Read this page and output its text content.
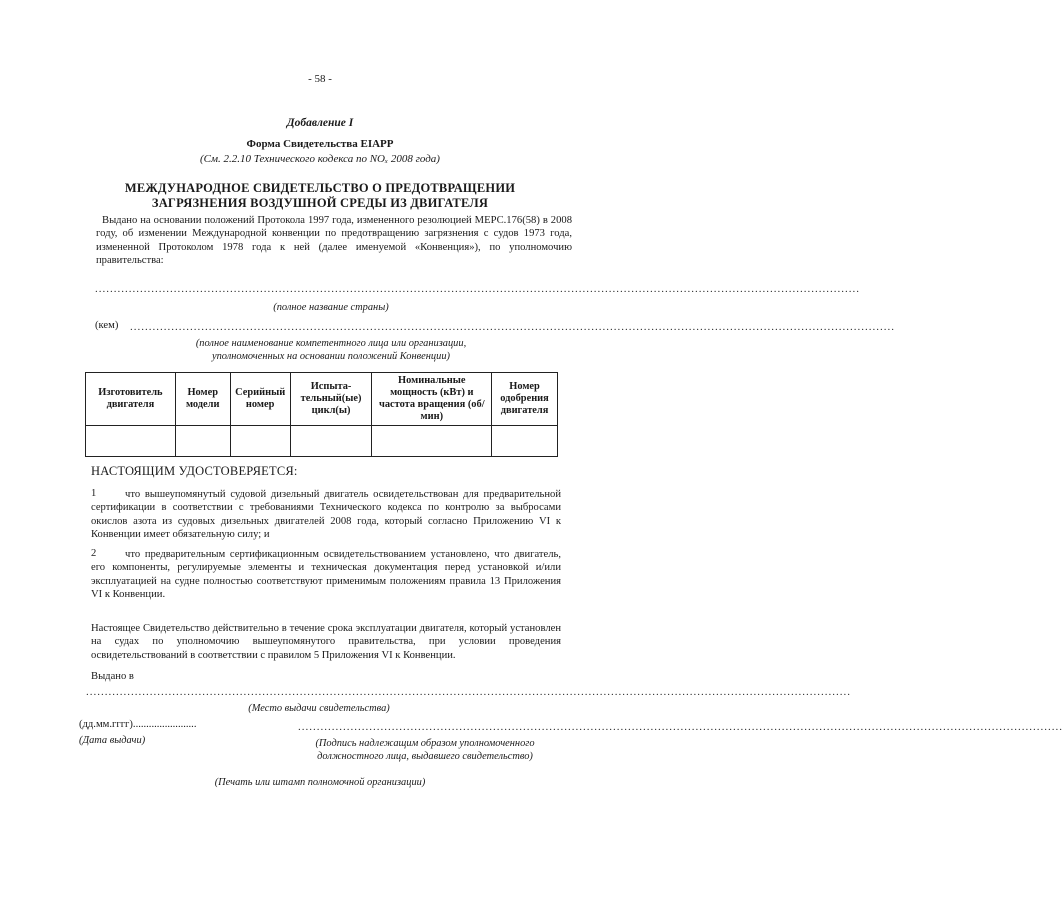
- 58 -
Добавление I
Форма Свидетельства EIAPP
(См. 2.2.10 Технического кодекса по NOₓ 2008 года)
МЕЖДУНАРОДНОЕ СВИДЕТЕЛЬСТВО О ПРЕДОТВРАЩЕНИИ
ЗАГРЯЗНЕНИЯ ВОЗДУШНОЙ СРЕДЫ ИЗ ДВИГАТЕЛЯ
Выдано на основании положений Протокола 1997 года, измененного резолюцией МЕРС.176(58) в 2008 году, об изменении Международной конвенции по предотвращению загрязнения с судов 1973 года, измененной Протоколом 1978 года к ней (далее именуемой «Конвенция»), по уполномочию правительства:
............................................................................................................................................................................................................
(полное название страны)
(кем) ............................................................................................................................................................................................................
(полное наименование компетентного лица или организации,
уполномоченных на основании положений Конвенции)
Изготовитель двигателя	Номер модели	Серийный номер	Испыта- тельный(ые) цикл(ы)	Номинальные мощность (кВт) и частота вращения (об/мин)	Номер одобрения двигателя

НАСТОЯЩИМ УДОСТОВЕРЯЕТСЯ:
1	что вышеупомянутый судовой дизельный двигатель освидетельствован для предварительной сертификации в соответствии с требованиями Технического кодекса по контролю за выбросами окислов азота из судовых дизельных двигателей 2008 года, который согласно Приложению VI к Конвенции имеет обязательную силу; и
2	что предварительным сертификационным освидетельствованием установлено, что двигатель, его компоненты, регулируемые элементы и техническая документация перед установкой и/или эксплуатацией на судне полностью соответствуют применимым положениям правила 13 Приложения VI к Конвенции.
Настоящее Свидетельство действительно в течение срока эксплуатации двигателя, который установлен на судах по уполномочию вышеупомянутого правительства, при условии проведения освидетельствований в соответствии с правилом 5 Приложения VI к Конвенции.
Выдано в
............................................................................................................................................................................................................
(Место выдачи свидетельства)
(дд.мм.гггг)........................
(Дата выдачи)
............................................................................................................................................................................................................
(Подпись надлежащим образом уполномоченного
должностного лица, выдавшего свидетельство)
(Печать или штамп полномочной организации)
